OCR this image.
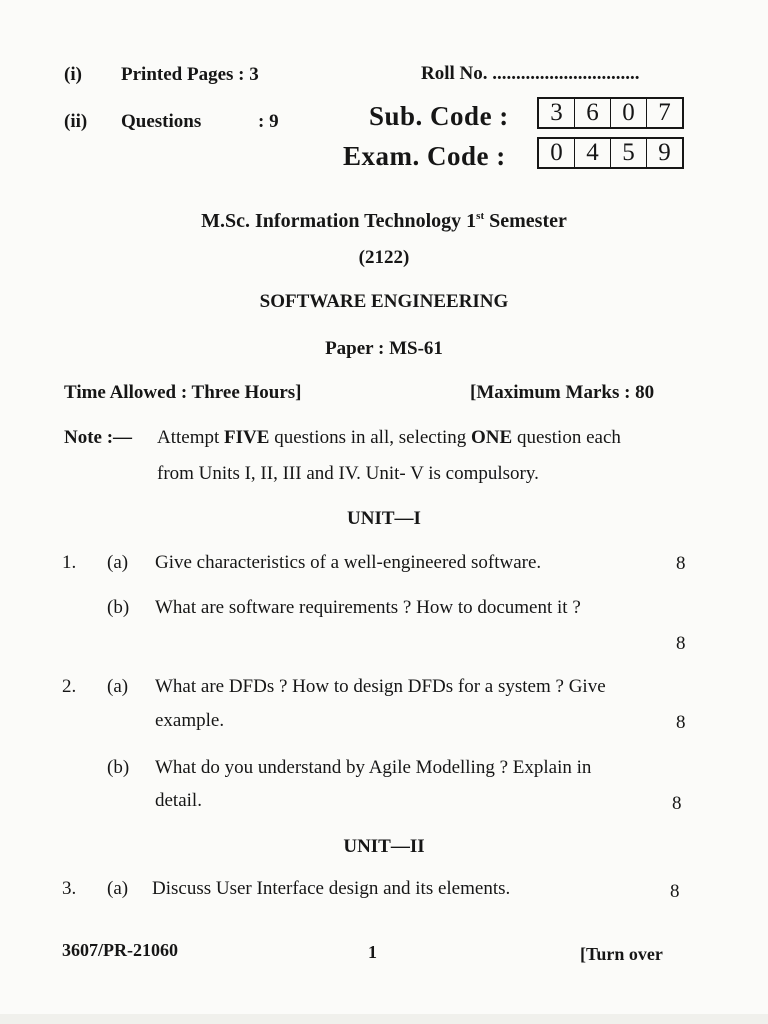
(i) Printed Pages : 3
(ii) Questions	: 9
Roll No. ...............................
Sub. Code :	3 6 0 7
Exam. Code :	0 4 5 9
M.Sc. Information Technology 1st Semester
(2122)
SOFTWARE ENGINEERING
Paper : MS-61
Time Allowed : Three Hours]	[Maximum Marks : 80
Note :— Attempt FIVE questions in all, selecting ONE question each
from Units I, II, III and IV. Unit- V is compulsory.
UNIT—I
1. (a) Give characteristics of a well-engineered software.	8
(b) What are software requirements ? How to document it ?
8
2. (a) What are DFDs ? How to design DFDs for a system ? Give
example.	8
(b) What do you understand by Agile Modelling ? Explain in
detail.	8
UNIT—II
3. (a) Discuss User Interface design and its elements.	8
3607/PR-21060	1	[Turn over
